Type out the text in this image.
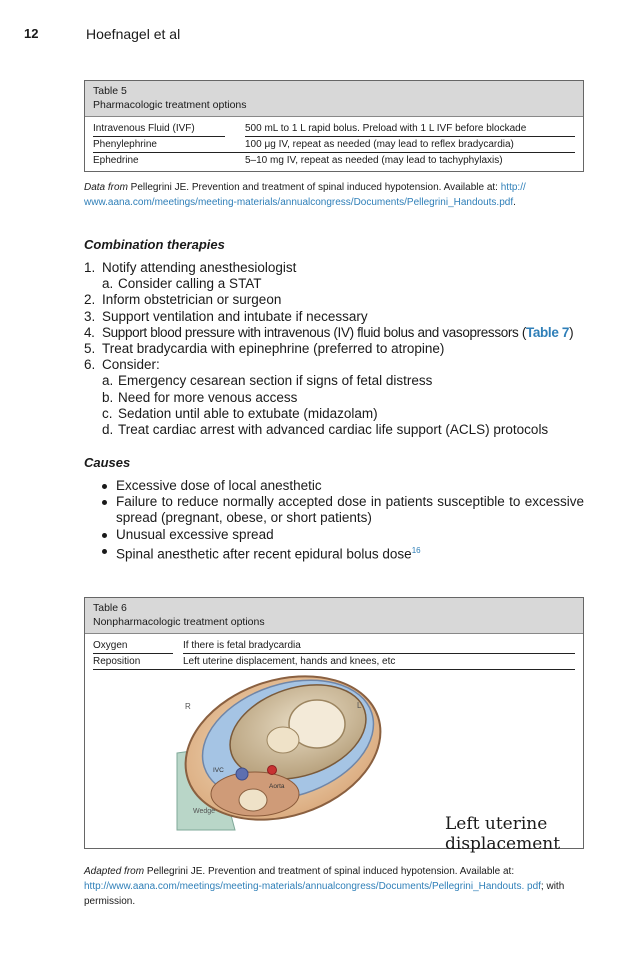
12	Hoefnagel et al
Table 5
Pharmacologic treatment options
Intravenous Fluid (IVF)	500 mL to 1 L rapid bolus. Preload with 1 L IVF before blockade
Phenylephrine	100 μg IV, repeat as needed (may lead to reflex bradycardia)
Ephedrine	5–10 mg IV, repeat as needed (may lead to tachyphylaxis)
Data from Pellegrini JE. Prevention and treatment of spinal induced hypotension. Available at: http:// www.aana.com/meetings/meeting-materials/annualcongress/Documents/Pellegrini_Handouts.pdf.
Combination therapies
1. Notify attending anesthesiologist
a. Consider calling a STAT
2. Inform obstetrician or surgeon
3. Support ventilation and intubate if necessary
4. Support blood pressure with intravenous (IV) fluid bolus and vasopressors (Table 7)
5. Treat bradycardia with epinephrine (preferred to atropine)
6. Consider:
a. Emergency cesarean section if signs of fetal distress
b. Need for more venous access
c. Sedation until able to extubate (midazolam)
d. Treat cardiac arrest with advanced cardiac life support (ACLS) protocols
Causes
Excessive dose of local anesthetic
Failure to reduce normally accepted dose in patients susceptible to excessive spread (pregnant, obese, or short patients)
Unusual excessive spread
Spinal anesthetic after recent epidural bolus dose$^{16}$
Table 6
Nonpharmacologic treatment options
Oxygen	If there is fetal bradycardia
Reposition	Left uterine displacement, hands and knees, etc
R	L
IVC
Aorta
Wedge
Left uterine displacement
Adapted from Pellegrini JE. Prevention and treatment of spinal induced hypotension. Available at: http://www.aana.com/meetings/meeting-materials/annualcongress/Documents/Pellegrini_Handouts. pdf; with permission.
